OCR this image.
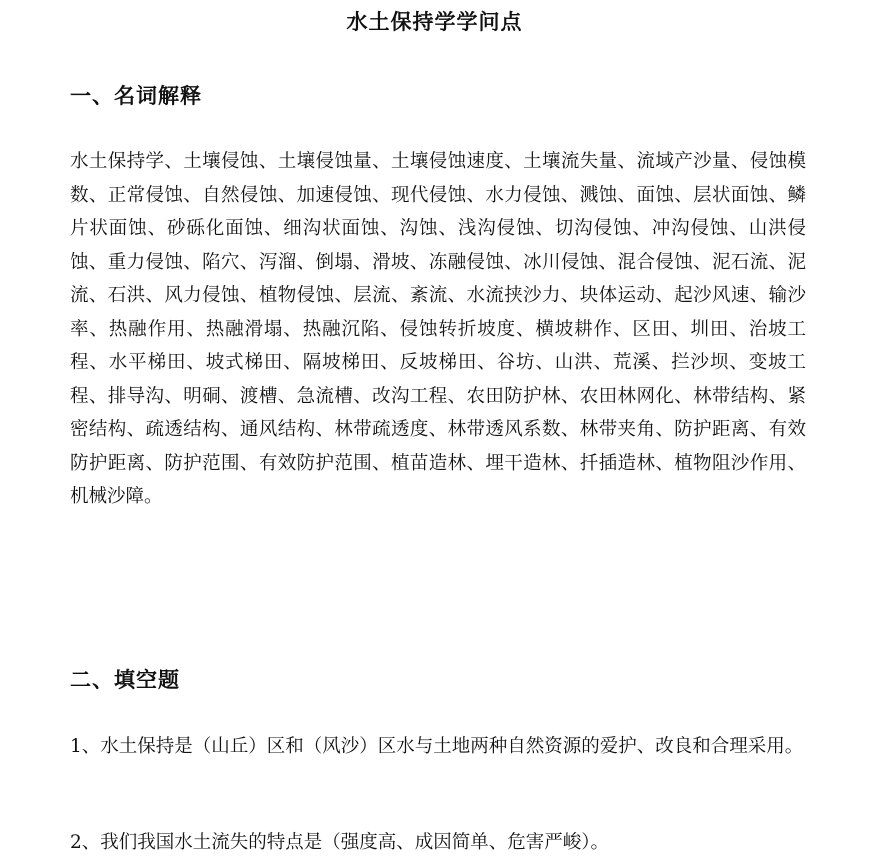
水土保持学学问点
一、名词解释

水土保持学、土壤侵蚀、土壤侵蚀量、土壤侵蚀速度、土壤流失量、流域产沙量、侵蚀模数、正常侵蚀、自然侵蚀、加速侵蚀、现代侵蚀、水力侵蚀、溅蚀、面蚀、层状面蚀、鳞片状面蚀、砂砾化面蚀、细沟状面蚀、沟蚀、浅沟侵蚀、切沟侵蚀、冲沟侵蚀、山洪侵蚀、重力侵蚀、陷穴、泻溜、倒塌、滑坡、冻融侵蚀、冰川侵蚀、混合侵蚀、泥石流、泥流、石洪、风力侵蚀、植物侵蚀、层流、紊流、水流挟沙力、块体运动、起沙风速、输沙率、热融作用、热融滑塌、热融沉陷、侵蚀转折坡度、横坡耕作、区田、圳田、治坡工程、水平梯田、坡式梯田、隔坡梯田、反坡梯田、谷坊、山洪、荒溪、拦沙坝、变坡工程、排导沟、明硐、渡槽、急流槽、改沟工程、农田防护林、农田林网化、林带结构、紧密结构、疏透结构、通风结构、林带疏透度、林带透风系数、林带夹角、防护距离、有效防护距离、防护范围、有效防护范围、植苗造林、埋干造林、扦插造林、植物阻沙作用、机械沙障。

二、填空题

1、水土保持是（山丘）区和（风沙）区水与土地两种自然资源的爱护、改良和合理采用。

2、我们我国水土流失的特点是（强度高、成因简单、危害严峻）。
